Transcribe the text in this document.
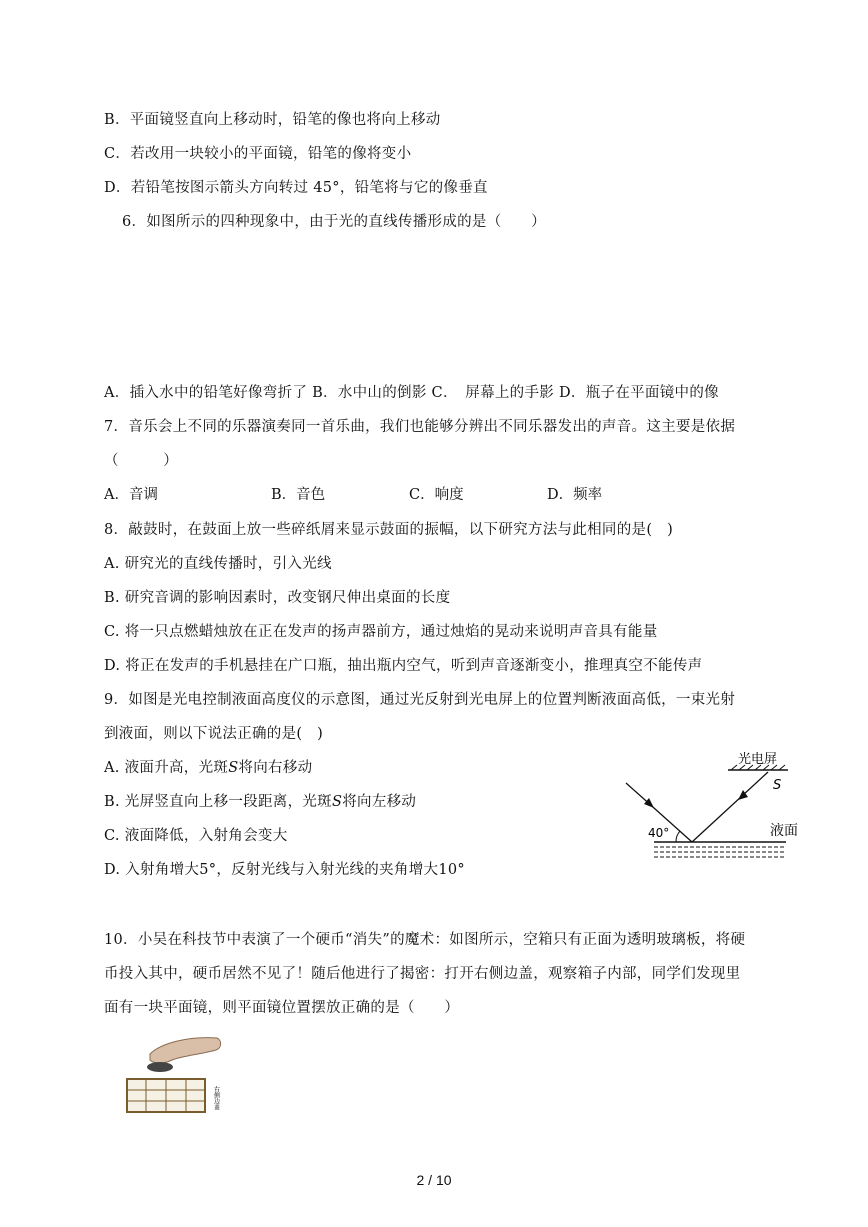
B．平面镜竖直向上移动时，铅笔的像也将向上移动
C．若改用一块较小的平面镜，铅笔的像将变小
D．若铅笔按图示箭头方向转过 45°，铅笔将与它的像垂直
6．如图所示的四种现象中，由于光的直线传播形成的是（　　）
A．插入水中的铅笔好像弯折了 B．水中山的倒影 C．　屏幕上的手影 D．瓶子在平面镜中的像
7．音乐会上不同的乐器演奏同一首乐曲，我们也能够分辨出不同乐器发出的声音。这主要是依据
（　　　）
A．音调	B．音色	C．响度	D．频率
8．敲鼓时，在鼓面上放一些碎纸屑来显示鼓面的振幅，以下研究方法与此相同的是(　)
A. 研究光的直线传播时，引入光线
B. 研究音调的影响因素时，改变钢尺伸出桌面的长度
C. 将一只点燃蜡烛放在正在发声的扬声器前方，通过烛焰的晃动来说明声音具有能量
D. 将正在发声的手机悬挂在广口瓶，抽出瓶内空气，听到声音逐渐变小，推理真空不能传声
9．如图是光电控制液面高度仪的示意图，通过光反射到光电屏上的位置判断液面高低，一束光射
到液面，则以下说法正确的是(　)
A. 液面升高，光斑S将向右移动
B. 光屏竖直向上移一段距离，光斑S将向左移动
C. 液面降低，入射角会变大
D. 入射角增大5°，反射光线与入射光线的夹角增大10°
光电屏
S
40°	液面
10．小吴在科技节中表演了一个硬币“消失”的魔术：如图所示，空箱只有正面为透明玻璃板，将硬
币投入其中，硬币居然不见了！随后他进行了揭密：打开右侧边盖，观察箱子内部，同学们发现里
面有一块平面镜，则平面镜位置摆放正确的是（　　）
右侧边盖
2 / 10
